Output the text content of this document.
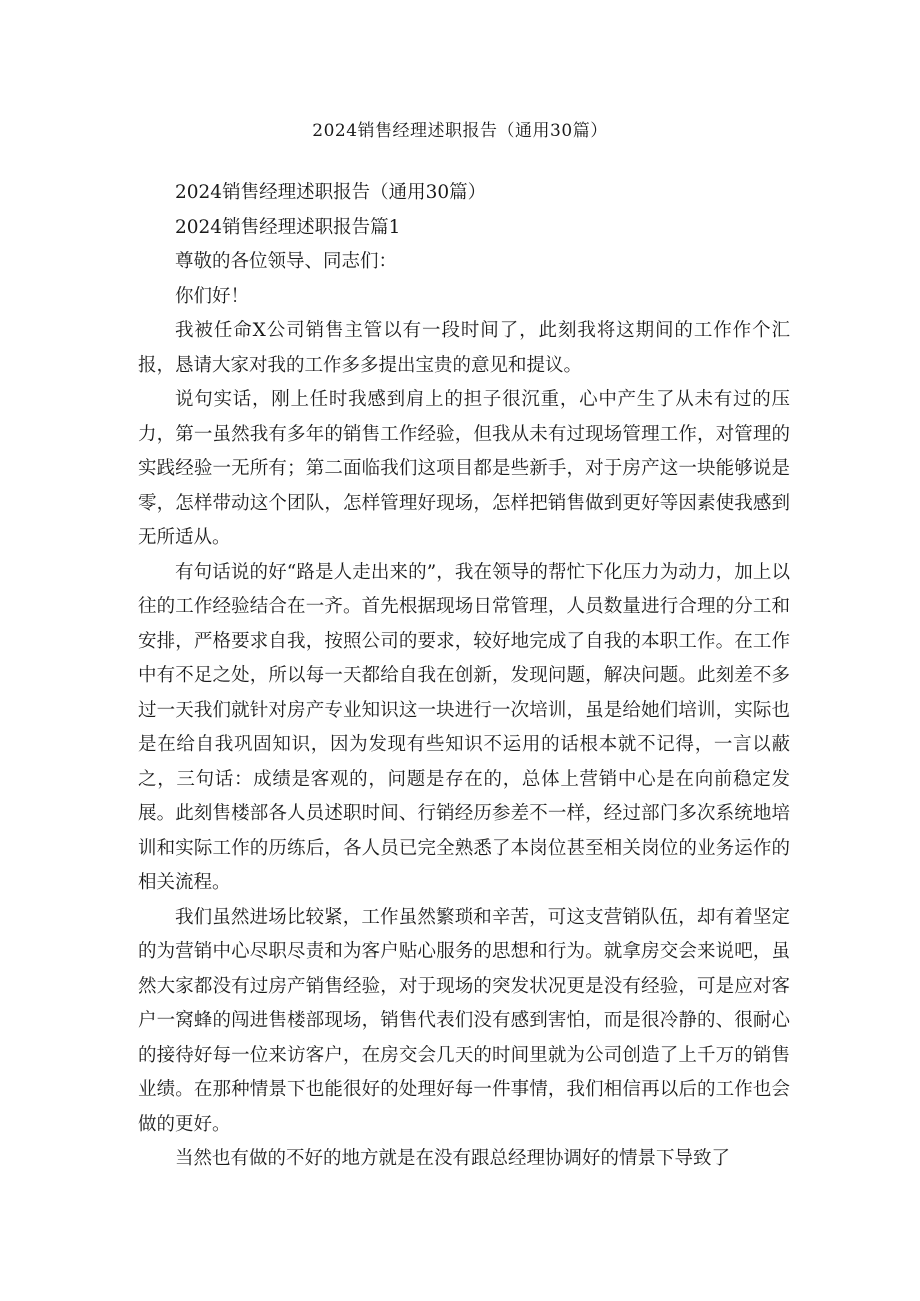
2024销售经理述职报告（通用30篇）

2024销售经理述职报告（通用30篇）

2024销售经理述职报告篇1

尊敬的各位领导、同志们：

你们好！

我被任命X公司销售主管以有一段时间了，此刻我将这期间的工作作个汇报，恳请大家对我的工作多多提出宝贵的意见和提议。

说句实话，刚上任时我感到肩上的担子很沉重，心中产生了从未有过的压力，第一虽然我有多年的销售工作经验，但我从未有过现场管理工作，对管理的实践经验一无所有；第二面临我们这项目都是些新手，对于房产这一块能够说是零，怎样带动这个团队，怎样管理好现场，怎样把销售做到更好等因素使我感到无所适从。

有句话说的好“路是人走出来的”，我在领导的帮忙下化压力为动力，加上以往的工作经验结合在一齐。首先根据现场日常管理，人员数量进行合理的分工和安排，严格要求自我，按照公司的要求，较好地完成了自我的本职工作。在工作中有不足之处，所以每一天都给自我在创新，发现问题，解决问题。此刻差不多过一天我们就针对房产专业知识这一块进行一次培训，虽是给她们培训，实际也是在给自我巩固知识，因为发现有些知识不运用的话根本就不记得，一言以蔽之，三句话：成绩是客观的，问题是存在的，总体上营销中心是在向前稳定发展。此刻售楼部各人员述职时间、行销经历参差不一样，经过部门多次系统地培训和实际工作的历练后，各人员已完全熟悉了本岗位甚至相关岗位的业务运作的相关流程。

我们虽然进场比较紧，工作虽然繁琐和辛苦，可这支营销队伍，却有着坚定的为营销中心尽职尽责和为客户贴心服务的思想和行为。就拿房交会来说吧，虽然大家都没有过房产销售经验，对于现场的突发状况更是没有经验，可是应对客户一窝蜂的闯进售楼部现场，销售代表们没有感到害怕，而是很冷静的、很耐心的接待好每一位来访客户，在房交会几天的时间里就为公司创造了上千万的销售业绩。在那种情景下也能很好的处理好每一件事情，我们相信再以后的工作也会做的更好。

当然也有做的不好的地方就是在没有跟总经理协调好的情景下导致了
